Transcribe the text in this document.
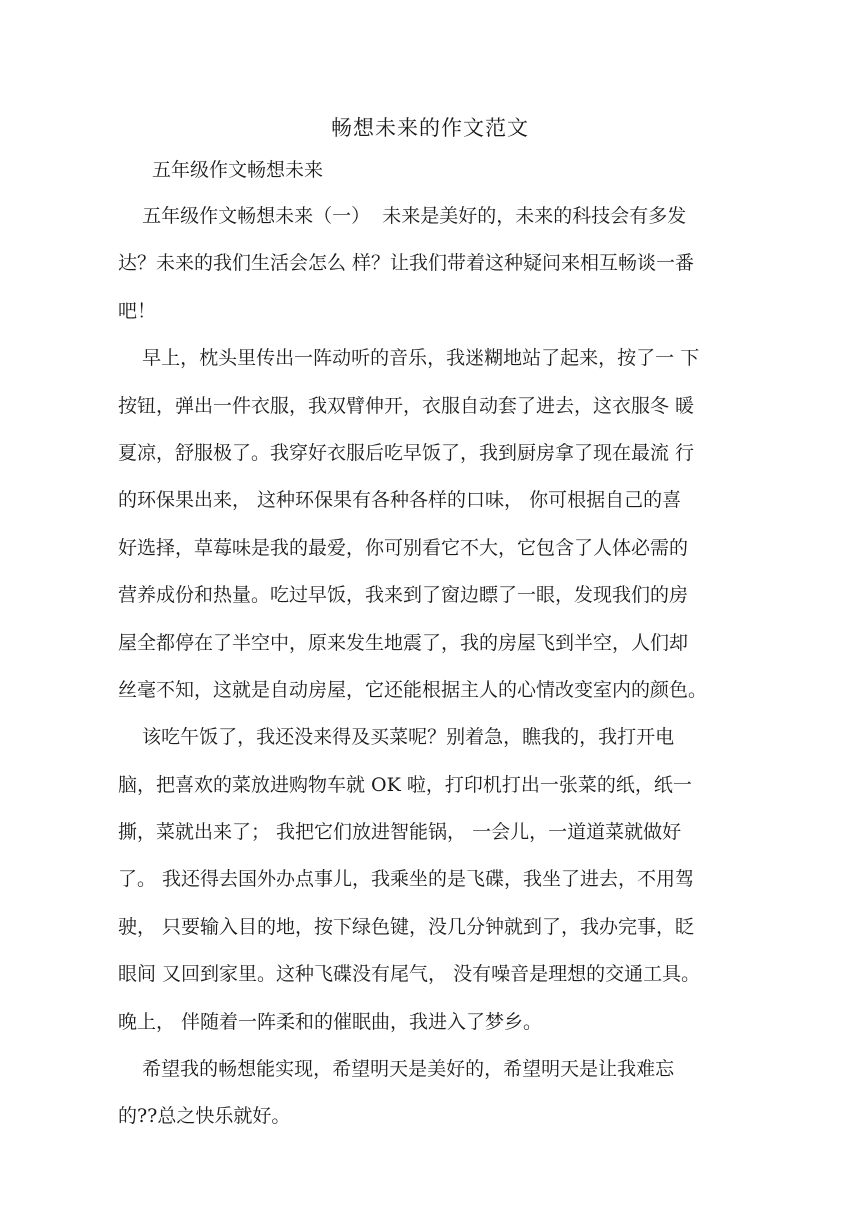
畅想未来的作文范文
五年级作文畅想未来
五年级作文畅想未来（一）  未来是美好的，未来的科技会有多发
达？未来的我们生活会怎么 样？让我们带着这种疑问来相互畅谈一番
吧！
早上，枕头里传出一阵动听的音乐，我迷糊地站了起来，按了一 下
按钮，弹出一件衣服，我双臂伸开，衣服自动套了进去，这衣服冬 暖
夏凉，舒服极了。我穿好衣服后吃早饭了，我到厨房拿了现在最流 行
的环保果出来， 这种环保果有各种各样的口味， 你可根据自己的喜
好选择，草莓味是我的最爱，你可别看它不大，它包含了人体必需的
营养成份和热量。吃过早饭，我来到了窗边瞟了一眼，发现我们的房
屋全都停在了半空中，原来发生地震了，我的房屋飞到半空，人们却
丝毫不知，这就是自动房屋，它还能根据主人的心情改变室内的颜色。
该吃午饭了，我还没来得及买菜呢？别着急，瞧我的，我打开电
脑，把喜欢的菜放进购物车就 OK 啦，打印机打出一张菜的纸，纸一
撕，菜就出来了； 我把它们放进智能锅， 一会儿，一道道菜就做好
了。 我还得去国外办点事儿，我乘坐的是飞碟，我坐了进去，不用驾
驶， 只要输入目的地，按下绿色键，没几分钟就到了，我办完事，眨
眼间 又回到家里。这种飞碟没有尾气， 没有噪音是理想的交通工具。
晚上， 伴随着一阵柔和的催眠曲，我进入了梦乡。
希望我的畅想能实现，希望明天是美好的，希望明天是让我难忘
的??总之快乐就好。
